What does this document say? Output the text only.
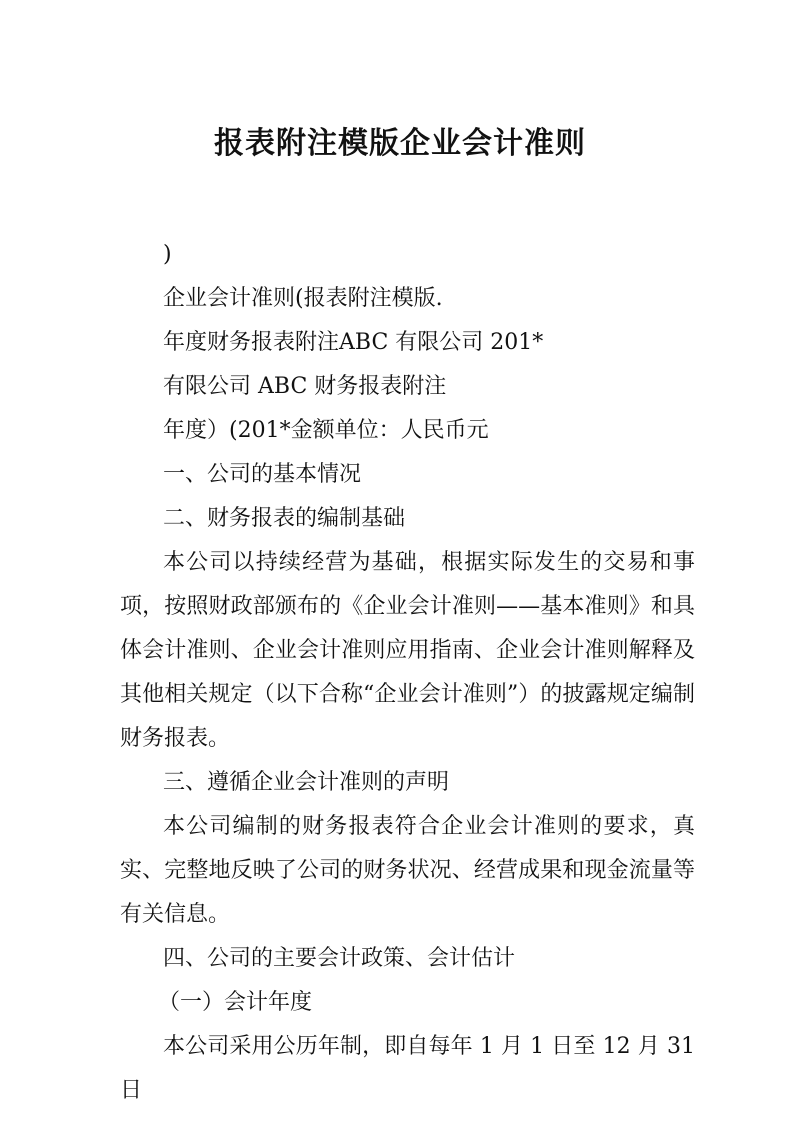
报表附注模版企业会计准则
)
企业会计准则(报表附注模版.
年度财务报表附注ABC 有限公司 201*
有限公司 ABC 财务报表附注
年度）(201*金额单位：人民币元
一、公司的基本情况
二、财务报表的编制基础
本公司以持续经营为基础，根据实际发生的交易和事项，按照财政部颁布的《企业会计准则——基本准则》和具体会计准则、企业会计准则应用指南、企业会计准则解释及其他相关规定（以下合称“企业会计准则”）的披露规定编制财务报表。
三、遵循企业会计准则的声明
本公司编制的财务报表符合企业会计准则的要求，真实、完整地反映了公司的财务状况、经营成果和现金流量等有关信息。
四、公司的主要会计政策、会计估计
（一）会计年度
本公司采用公历年制，即自每年 1 月 1 日至 12 月 31 日
